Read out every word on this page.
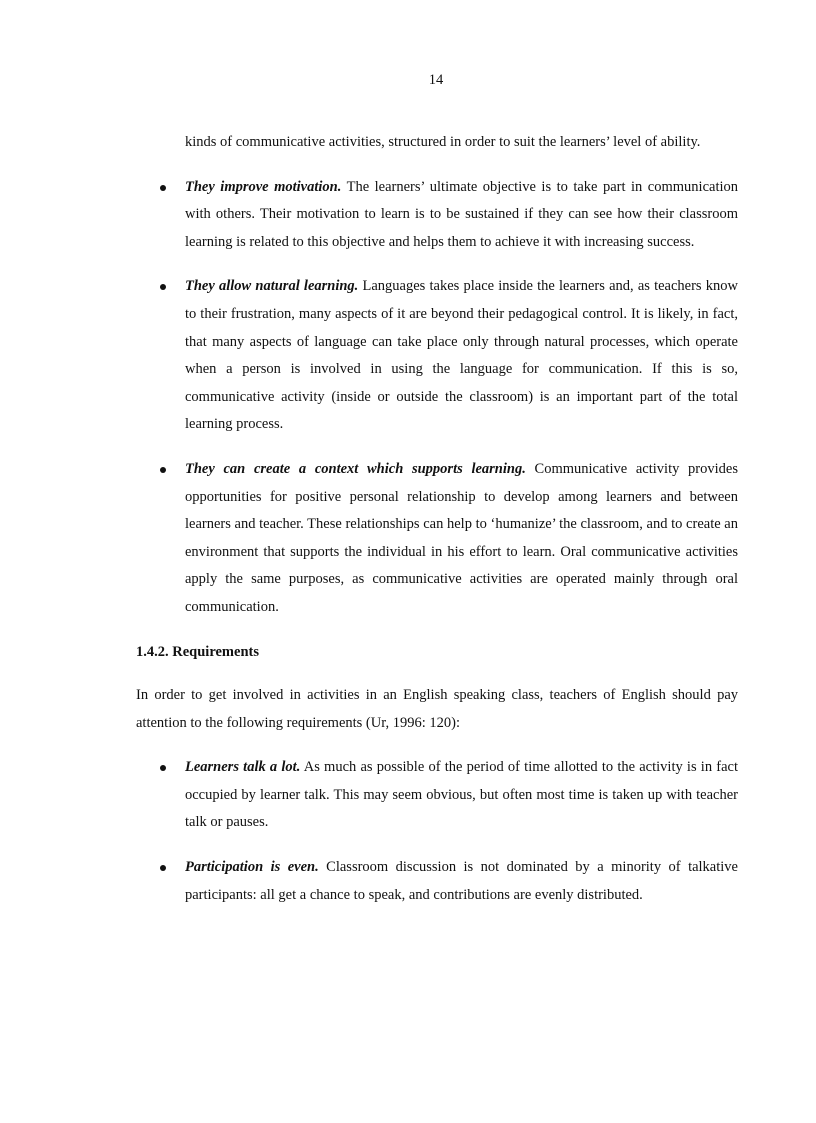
14

kinds of communicative activities, structured in order to suit the learners’ level of ability.

They improve motivation. The learners’ ultimate objective is to take part in communication with others. Their motivation to learn is to be sustained if they can see how their classroom learning is related to this objective and helps them to achieve it with increasing success.

They allow natural learning. Languages takes place inside the learners and, as teachers know to their frustration, many aspects of it are beyond their pedagogical control. It is likely, in fact, that many aspects of language can take place only through natural processes, which operate when a person is involved in using the language for communication. If this is so, communicative activity (inside or outside the classroom) is an important part of the total learning process.

They can create a context which supports learning. Communicative activity provides opportunities for positive personal relationship to develop among learners and between learners and teacher. These relationships can help to ‘humanize’ the classroom, and to create an environment that supports the individual in his effort to learn. Oral communicative activities apply the same purposes, as communicative activities are operated mainly through oral communication.

1.4.2. Requirements

In order to get involved in activities in an English speaking class, teachers of English should pay attention to the following requirements (Ur, 1996: 120):

Learners talk a lot. As much as possible of the period of time allotted to the activity is in fact occupied by learner talk. This may seem obvious, but often most time is taken up with teacher talk or pauses.

Participation is even. Classroom discussion is not dominated by a minority of talkative participants: all get a chance to speak, and contributions are evenly distributed.
